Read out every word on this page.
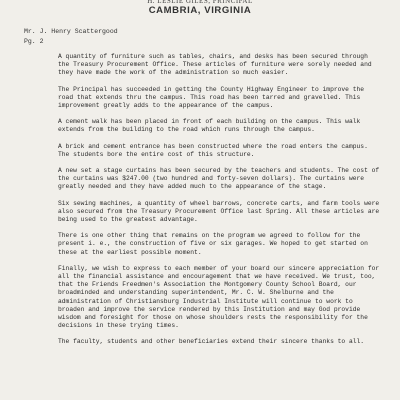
H. LESLIE GILES, PRINCIPAL
CAMBRIA, VIRGINIA
Mr. J. Henry Scattergood
Pg. 2

A quantity of furniture such as tables, chairs, and desks has been secured through the Treasury Procurement Office. These articles of furniture were sorely needed and they have made the work of the administration so much easier.

The Principal has succeeded in getting the County Highway Engineer to improve the road that extends thru the campus. This road has been tarred and gravelled. This improvement greatly adds to the appearance of the campus.

A cement walk has been placed in front of each building on the campus. This walk extends from the building to the road which runs through the campus.

A brick and cement entrance has been constructed where the road enters the campus. The students bore the entire cost of this structure.

A new set a stage curtains has been secured by the teachers and students. The cost of the curtains was $247.00 (two hundred and forty-seven dollars). The curtains were greatly needed and they have added much to the appearance of the stage.

Six sewing machines, a quantity of wheel barrows, concrete carts, and farm tools were also secured from the Treasury Procurement Office last Spring. All these articles are being used to the greatest advantage.

There is one other thing that remains on the program we agreed to follow for the present i. e., the construction of five or six garages. We hoped to get started on these at the earliest possible moment.

Finally, we wish to express to each member of your board our sincere appreciation for all the financial assistance and encouragement that we have received. We trust, too, that the Friends Freedmen's Association the Montgomery County School Board, our broadminded and understanding superintendent, Mr. C. W. Shelburne and the administration of Christiansburg Industrial Institute will continue to work to broaden and improve the service rendered by this Institution and may God provide wisdom and foresight for those on whose shoulders rests the responsibility for the decisions in these trying times.

The faculty, students and other beneficiaries extend their sincere thanks to all.
